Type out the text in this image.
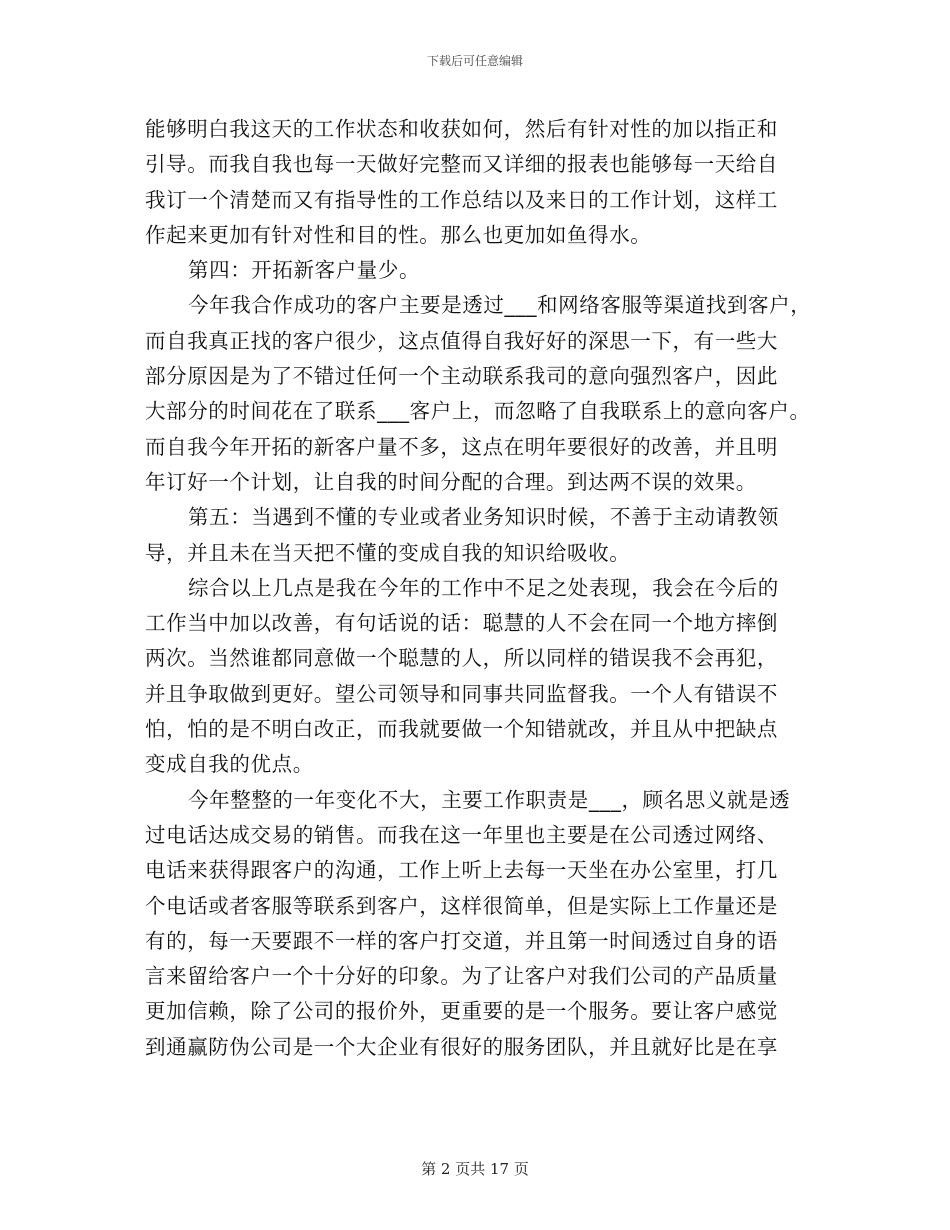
下载后可任意编辑
能够明白我这天的工作状态和收获如何，然后有针对性的加以指正和
引导。而我自我也每一天做好完整而又详细的报表也能够每一天给自
我订一个清楚而又有指导性的工作总结以及来日的工作计划，这样工
作起来更加有针对性和目的性。那么也更加如鱼得水。
第四：开拓新客户量少。
今年我合作成功的客户主要是透过___和网络客服等渠道找到客户，
而自我真正找的客户很少，这点值得自我好好的深思一下，有一些大
部分原因是为了不错过任何一个主动联系我司的意向强烈客户，因此
大部分的时间花在了联系___客户上，而忽略了自我联系上的意向客户。
而自我今年开拓的新客户量不多，这点在明年要很好的改善，并且明
年订好一个计划，让自我的时间分配的合理。到达两不误的效果。
第五：当遇到不懂的专业或者业务知识时候，不善于主动请教领
导，并且未在当天把不懂的变成自我的知识给吸收。
综合以上几点是我在今年的工作中不足之处表现，我会在今后的
工作当中加以改善，有句话说的话：聪慧的人不会在同一个地方摔倒
两次。当然谁都同意做一个聪慧的人，所以同样的错误我不会再犯，
并且争取做到更好。望公司领导和同事共同监督我。一个人有错误不
怕，怕的是不明白改正，而我就要做一个知错就改，并且从中把缺点
变成自我的优点。
今年整整的一年变化不大，主要工作职责是___，顾名思义就是透
过电话达成交易的销售。而我在这一年里也主要是在公司透过网络、
电话来获得跟客户的沟通，工作上听上去每一天坐在办公室里，打几
个电话或者客服等联系到客户，这样很简单，但是实际上工作量还是
有的，每一天要跟不一样的客户打交道，并且第一时间透过自身的语
言来留给客户一个十分好的印象。为了让客户对我们公司的产品质量
更加信赖，除了公司的报价外，更重要的是一个服务。要让客户感觉
到通赢防伪公司是一个大企业有很好的服务团队，并且就好比是在享
第 2 页共 17 页
